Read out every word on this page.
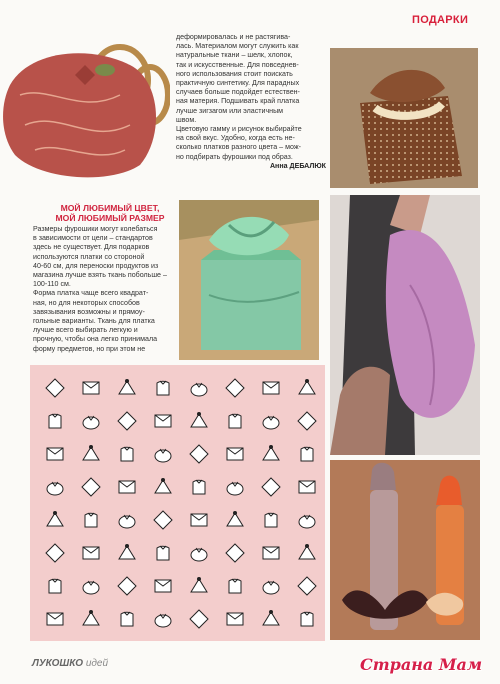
ПОДАРКИ

деформировалась и не растягива-

лась. Материалом могут служить как

натуральные ткани – шелк, хлопок,

так и искусственные. Для повседнев-

ного использования стоит поискать

практичную синтетику. Для парадных

случаев больше подойдет естествен-

ная материя. Подшивать край платка

лучше зигзагом или эластичным

швом.

Цветовую гамму и рисунок выбирайте

на свой вкус. Удобно, когда есть не-

сколько платков разного цвета – мож-

но подбирать фурошики под образ.

Анна ДЕБАЛЮК

МОЙ ЛЮБИМЫЙ ЦВЕТ,
МОЙ ЛЮБИМЫЙ РАЗМЕР

Размеры фурошики могут колебаться

в зависимости от цели – стандартов

здесь не существует. Для подарков

используются платки со стороной

40-60 см, для переноски продуктов из

магазина лучше взять ткань побольше – 100-110 см.

Форма платка чаще всего квадрат-

ная, но для некоторых способов

завязывания возможны и прямоу-

гольные варианты. Ткань для платка

лучше всего выбирать легкую и

прочную, чтобы она легко принимала

форму предметов, но при этом не

ЛУКОШКО идей	Страна Мам
